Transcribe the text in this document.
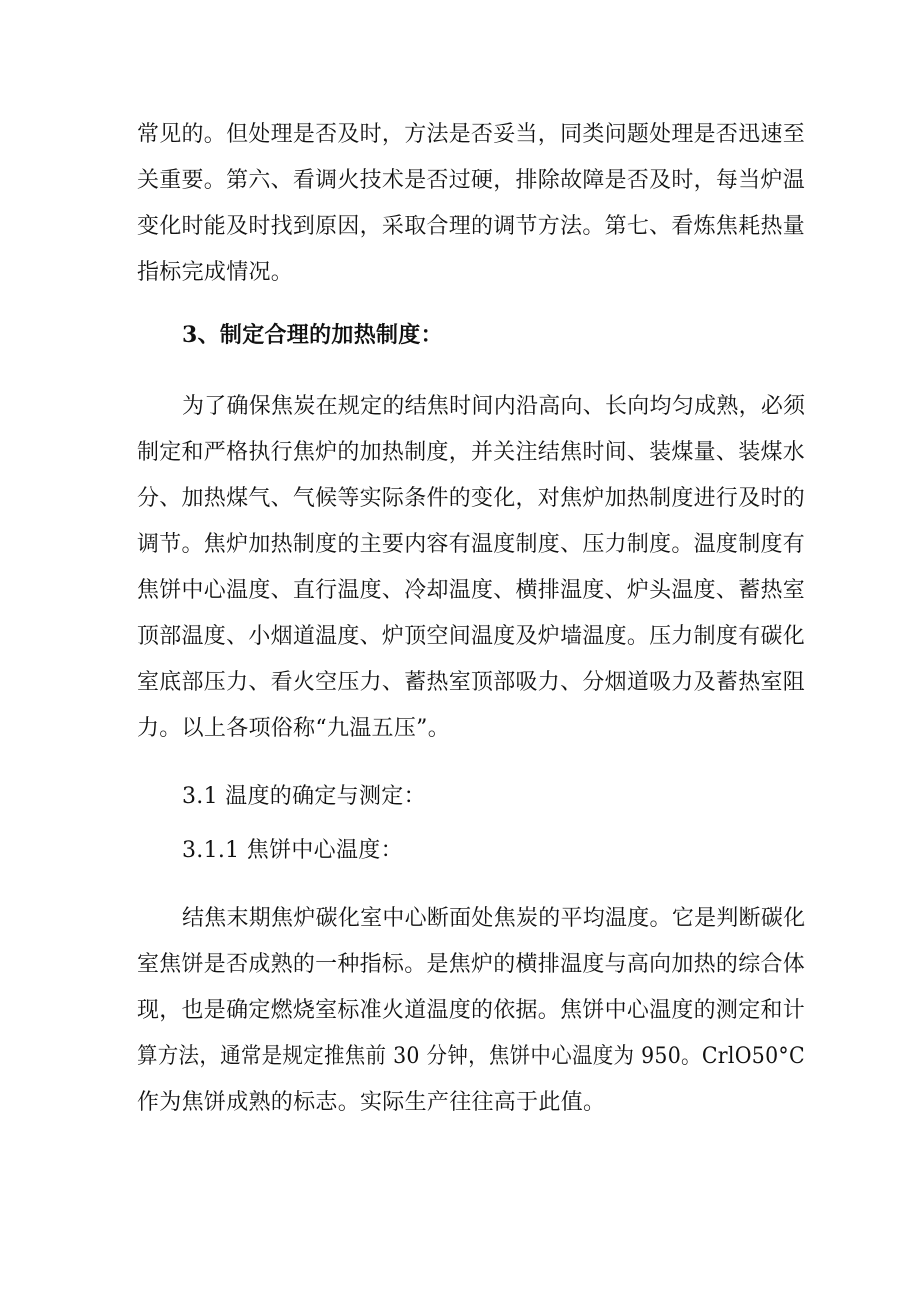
常见的。但处理是否及时，方法是否妥当，同类问题处理是否迅速至
关重要。第六、看调火技术是否过硬，排除故障是否及时，每当炉温
变化时能及时找到原因，采取合理的调节方法。第七、看炼焦耗热量
指标完成情况。
3、制定合理的加热制度：
为了确保焦炭在规定的结焦时间内沿高向、长向均匀成熟，必须
制定和严格执行焦炉的加热制度，并关注结焦时间、装煤量、装煤水
分、加热煤气、气候等实际条件的变化，对焦炉加热制度进行及时的
调节。焦炉加热制度的主要内容有温度制度、压力制度。温度制度有
焦饼中心温度、直行温度、冷却温度、横排温度、炉头温度、蓄热室
顶部温度、小烟道温度、炉顶空间温度及炉墙温度。压力制度有碳化
室底部压力、看火空压力、蓄热室顶部吸力、分烟道吸力及蓄热室阻
力。以上各项俗称“九温五压”。
3.1 温度的确定与测定：
3.1.1 焦饼中心温度：
结焦末期焦炉碳化室中心断面处焦炭的平均温度。它是判断碳化
室焦饼是否成熟的一种指标。是焦炉的横排温度与高向加热的综合体
现，也是确定燃烧室标准火道温度的依据。焦饼中心温度的测定和计
算方法，通常是规定推焦前 30 分钟，焦饼中心温度为 950。CrlO50°C
作为焦饼成熟的标志。实际生产往往高于此值。
